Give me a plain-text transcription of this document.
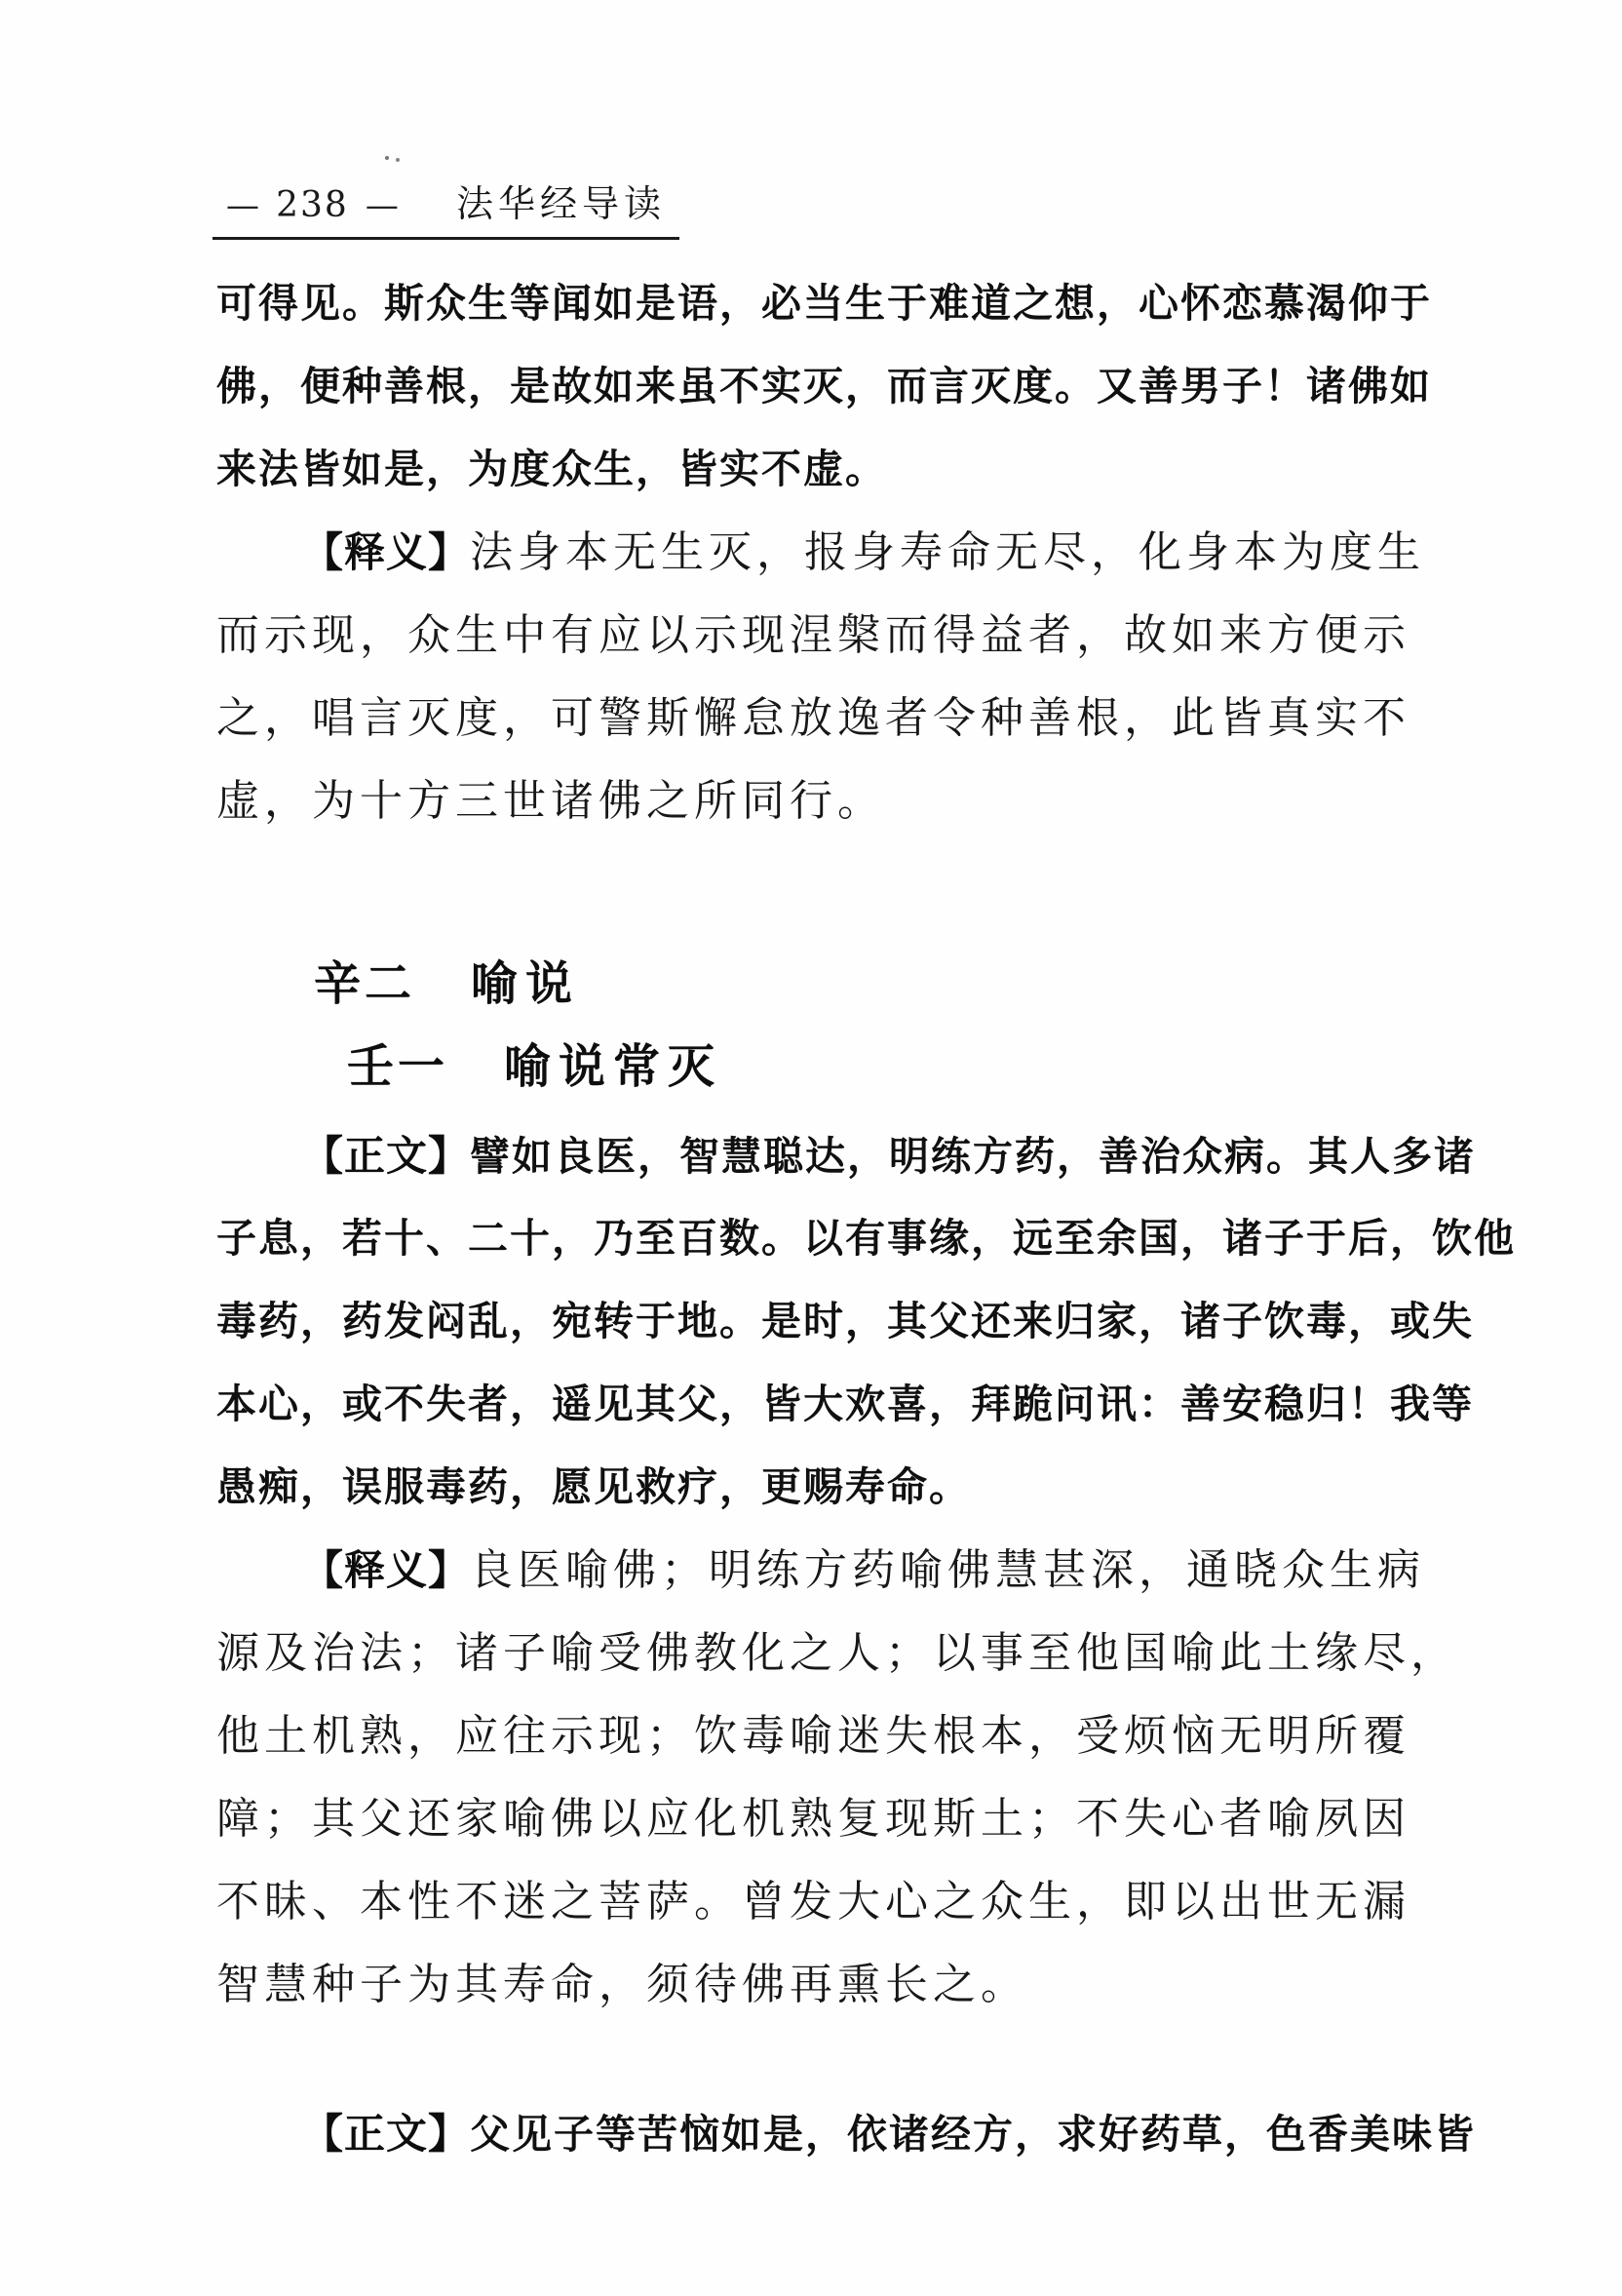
— 238 — 法华经导读
可得见。斯众生等闻如是语，必当生于难道之想，心怀恋慕渴仰于
佛，便种善根，是故如来虽不实灭，而言灭度。又善男子！诸佛如
来法皆如是，为度众生，皆实不虚。
【释义】法身本无生灭，报身寿命无尽，化身本为度生
而示现，众生中有应以示现涅槃而得益者，故如来方便示
之，唱言灭度，可警斯懈怠放逸者令种善根，此皆真实不
虚，为十方三世诸佛之所同行。
辛二 喻说
壬一 喻说常灭
【正文】譬如良医，智慧聪达，明练方药，善治众病。其人多诸
子息，若十、二十，乃至百数。以有事缘，远至余国，诸子于后，饮他
毒药，药发闷乱，宛转于地。是时，其父还来归家，诸子饮毒，或失
本心，或不失者，遥见其父，皆大欢喜，拜跪问讯：善安稳归！我等
愚痴，误服毒药，愿见救疗，更赐寿命。
【释义】良医喻佛；明练方药喻佛慧甚深，通晓众生病
源及治法；诸子喻受佛教化之人；以事至他国喻此土缘尽，
他土机熟，应往示现；饮毒喻迷失根本，受烦恼无明所覆
障；其父还家喻佛以应化机熟复现斯土；不失心者喻夙因
不昧、本性不迷之菩萨。曾发大心之众生，即以出世无漏
智慧种子为其寿命，须待佛再熏长之。
【正文】父见子等苦恼如是，依诸经方，求好药草，色香美味皆
